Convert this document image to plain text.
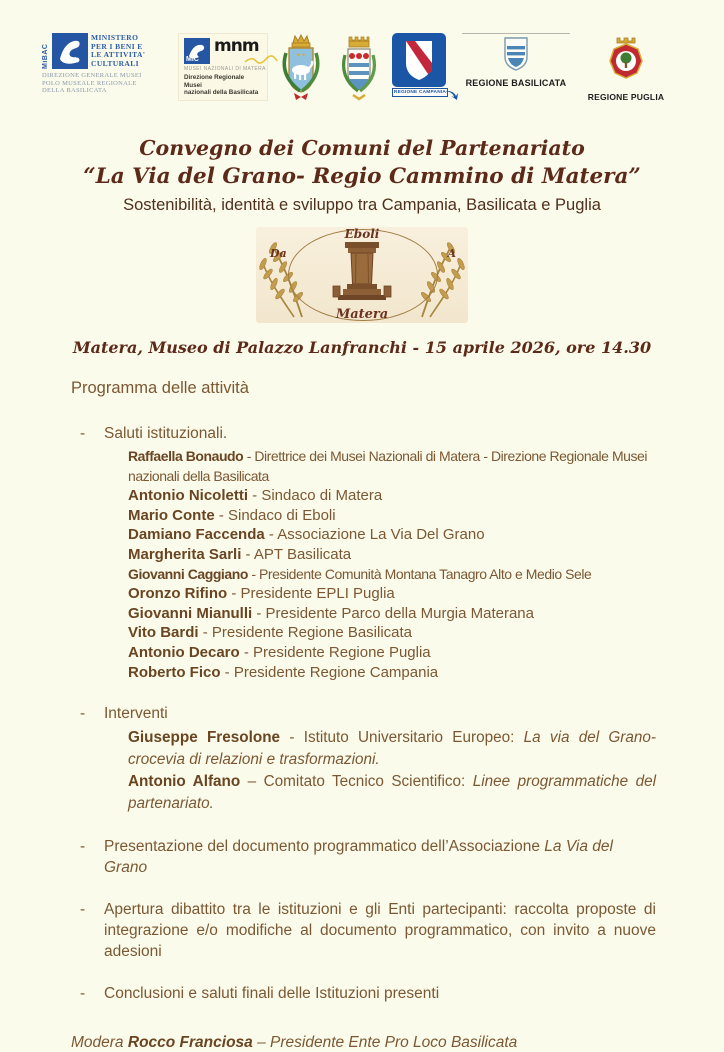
MiBAC
MINISTERO
PER I BENI E
LE ATTIVITA'
CULTURALI
DIREZIONE GENERALE MUSEI
POLO MUSEALE REGIONALE
DELLA BASILICATA
MiC
mnm
MUSEI NAZIONALI DI MATERA
Direzione Regionale Musei
nazionali della Basilicata
✦✦
REGIONE CAMPANIA
REGIONE BASILICATA
REGIONE PUGLIA
Convegno dei Comuni del Partenariato
“La Via del Grano- Regio Cammino di Matera”
Sostenibilità, identità e sviluppo tra Campania, Basilicata e Puglia
Eboli
Da	A
Matera
Matera, Museo di Palazzo Lanfranchi - 15 aprile 2026, ore 14.30
Programma delle attività
-	Saluti istituzionali.
Raffaella Bonaudo - Direttrice dei Musei Nazionali di Matera - Direzione Regionale Musei nazionali della Basilicata
Antonio Nicoletti - Sindaco di Matera
Mario Conte - Sindaco di Eboli
Damiano Faccenda - Associazione La Via Del Grano
Margherita Sarli - APT Basilicata
Giovanni Caggiano - Presidente Comunità Montana Tanagro Alto e Medio Sele
Oronzo Rifino - Presidente EPLI Puglia
Giovanni Mianulli - Presidente Parco della Murgia Materana
Vito Bardi - Presidente Regione Basilicata
Antonio Decaro - Presidente Regione Puglia
Roberto Fico - Presidente Regione Campania
-	Interventi
Giuseppe Fresolone - Istituto Universitario Europeo: La via del Grano- crocevia di relazioni e trasformazioni.
Antonio Alfano – Comitato Tecnico Scientifico: Linee programmatiche del partenariato.
-	Presentazione del documento programmatico dell’Associazione La Via del Grano
-	Apertura dibattito tra le istituzioni e gli Enti partecipanti: raccolta proposte di integrazione e/o modifiche al documento programmatico, con invito a nuove adesioni
-	Conclusioni e saluti finali delle Istituzioni presenti
Modera Rocco Franciosa – Presidente Ente Pro Loco Basilicata
